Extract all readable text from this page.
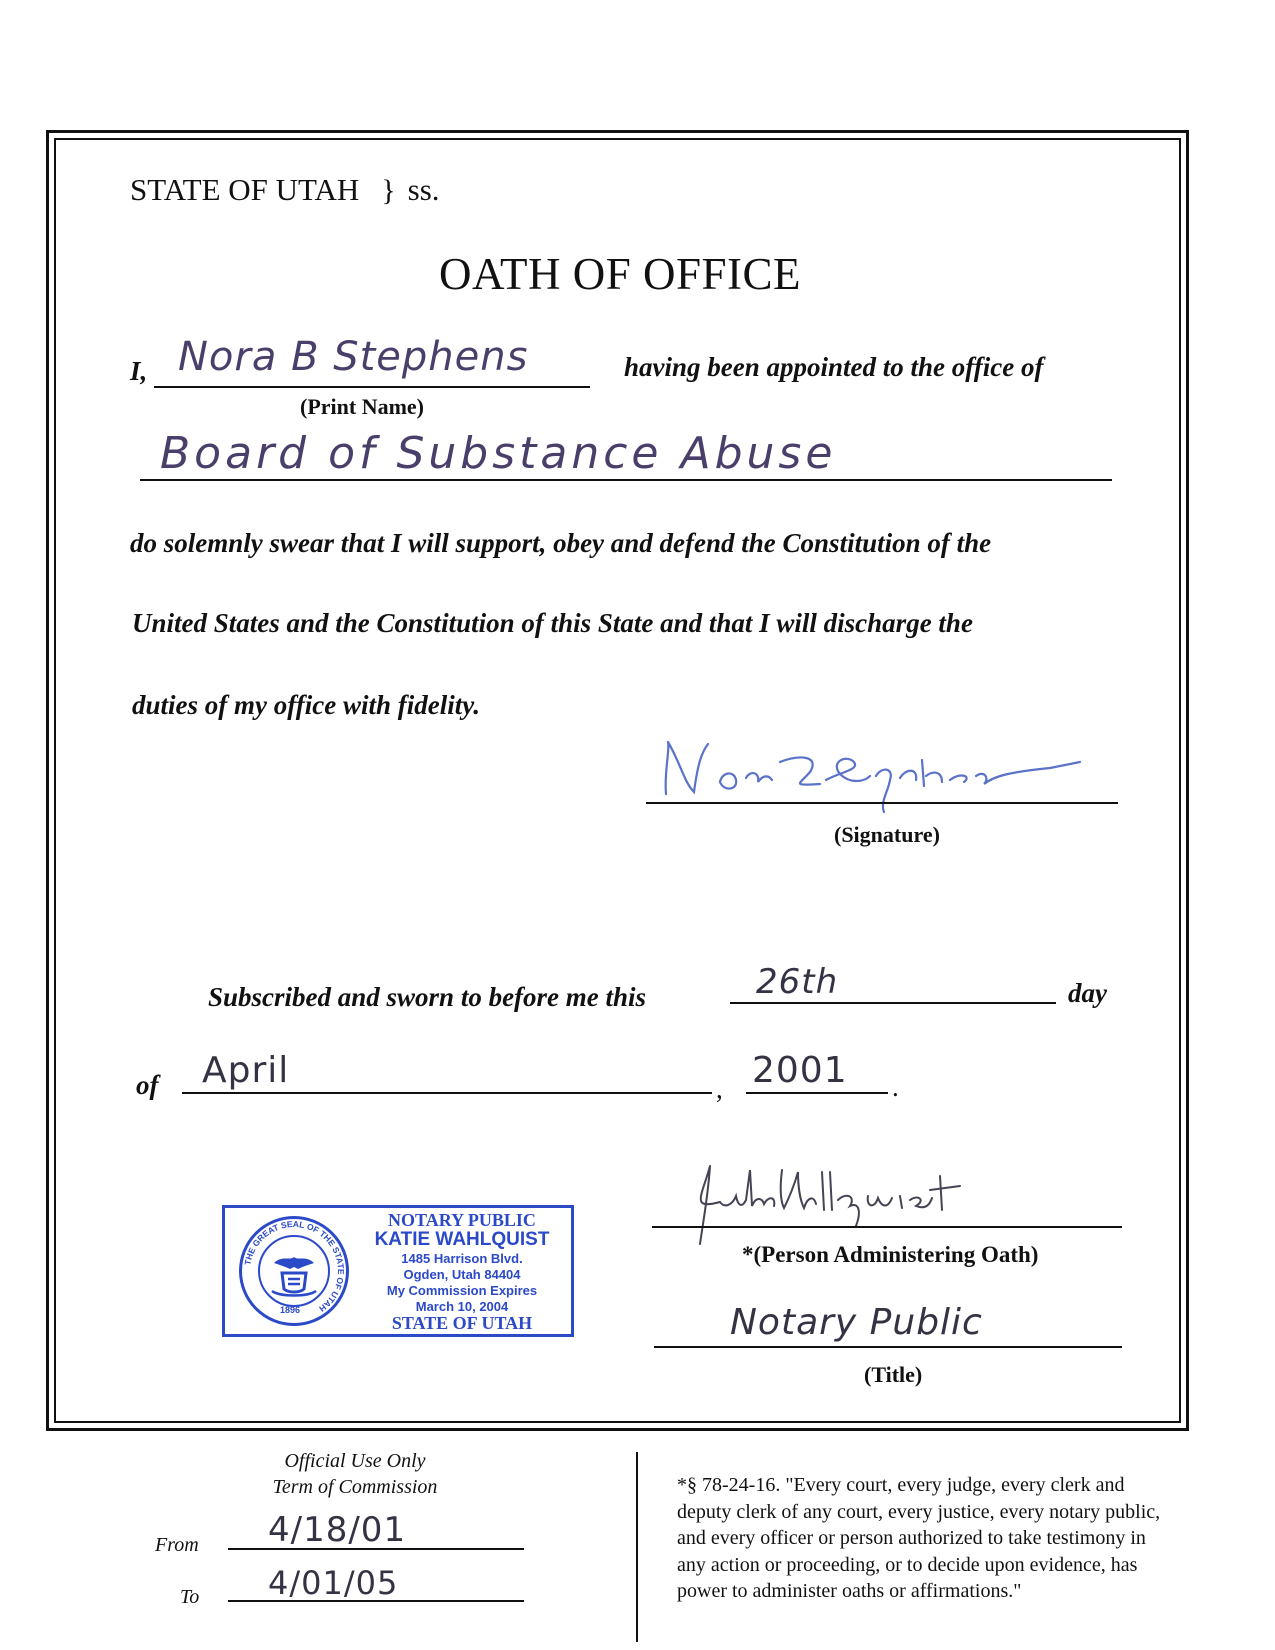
STATE OF UTAH } ss.
OATH OF OFFICE
I, Nora B Stephens
(Print Name)
having been appointed to the office of
Board of Substance Abuse
do solemnly swear that I will support, obey and defend the Constitution of the
United States and the Constitution of this State and that I will discharge the
duties of my office with fidelity.
(Signature)
Subscribed and sworn to before me this	26th	day
of April	, 2001 .
THE GREAT SEAL OF THE STATE OF UTAH
1896
NOTARY PUBLIC
KATIE WAHLQUIST
1485 Harrison Blvd.
Ogden, Utah 84404
My Commission Expires
March 10, 2004
STATE OF UTAH
*(Person Administering Oath)
Notary Public
(Title)
Official Use Only
Term of Commission
From 4/18/01
To 4/01/05
*§ 78-24-16. "Every court, every judge, every clerk and
deputy clerk of any court, every justice, every notary public,
and every officer or person authorized to take testimony in
any action or proceeding, or to decide upon evidence, has
power to administer oaths or affirmations."
